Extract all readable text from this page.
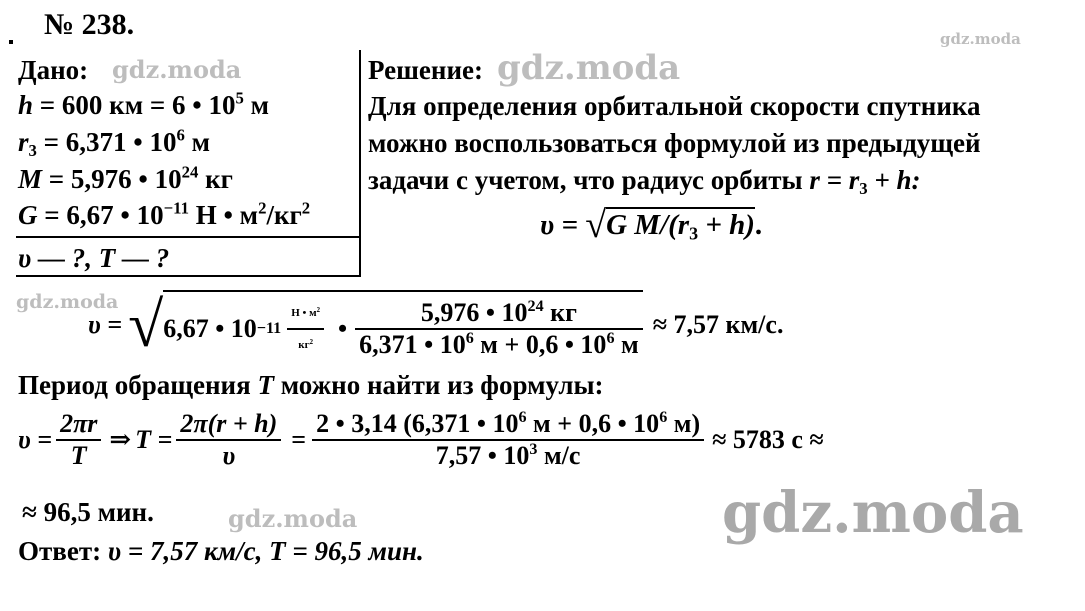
№ 238.	gdz.moda
gdz.moda	gdz.moda
gdz.moda
gdz.moda	gdz.moda
Дано:
h = 600 км = 6 • $10^5$ м
$r_3 = 6,371$ • $10^6$ м
M = 5,976 • $10^{24}$ кг
G = 6,67 • $10^{-11}$ Н • $м^2/кг^2$
υ — ?, T — ?
Решение:
Для определения орбитальной скорости спутника
можно воспользоваться формулой из предыдущей
задачи с учетом, что радиус орбиты $r = r_3 + h$:
υ = √G $M/(r_3 + h)$.
υ = √ 6,67 • $10 -11 \frac{Н • м^2}{кг^2}$ • $\frac{5,976 • 10^{24} кг}{6,371 • 10^6 м + 0,6 • 10^6 м} \approx 7,57$ км/с.
Период обращения T можно найти из формулы:
$\upsilon = \frac{2\pi r}{T}$ ⇒ $T = \frac{2\pi(r + h)}{\upsilon} = \frac{2 • 3,14 (6,371 • 10^6 м + 0,6 • 10^6 м)}{7,57 • 10^3 м/с} \approx 5783$ с ≈
≈ 96,5 мин.
Ответ: υ = 7,57 км/с, T = 96,5 мин.
